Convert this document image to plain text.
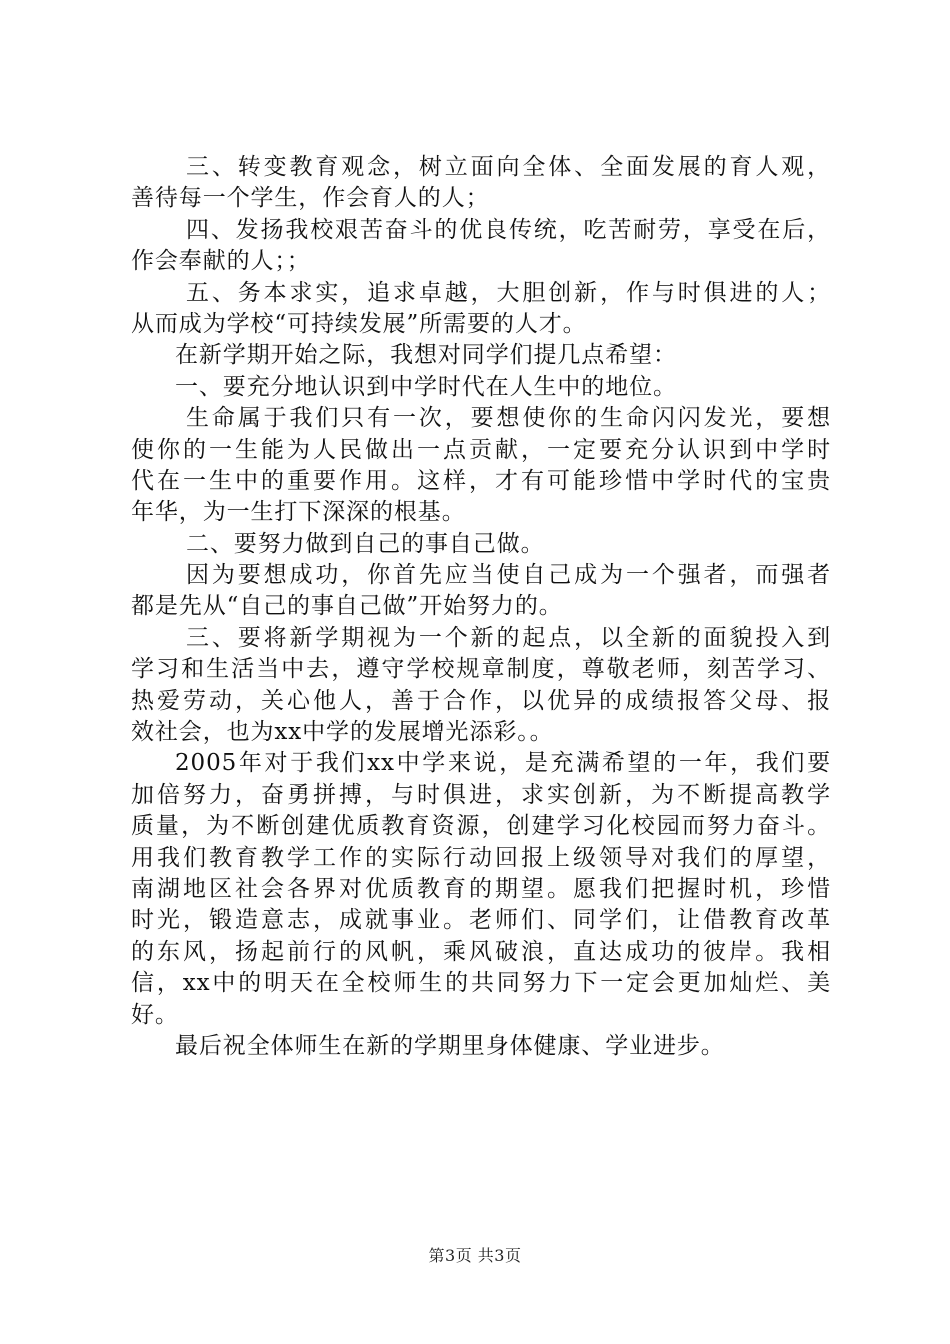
三、转变教育观念，树立面向全体、全面发展的育人观，
善待每一个学生，作会育人的人；
四、发扬我校艰苦奋斗的优良传统，吃苦耐劳，享受在后，
作会奉献的人；；
五、务本求实，追求卓越，大胆创新，作与时俱进的人；
从而成为学校“可持续发展”所需要的人才。
在新学期开始之际，我想对同学们提几点希望：
一、要充分地认识到中学时代在人生中的地位。
生命属于我们只有一次，要想使你的生命闪闪发光，要想
使你的一生能为人民做出一点贡献，一定要充分认识到中学时
代在一生中的重要作用。这样，才有可能珍惜中学时代的宝贵
年华，为一生打下深深的根基。
二、要努力做到自己的事自己做。
因为要想成功，你首先应当使自己成为一个强者，而强者
都是先从“自己的事自己做”开始努力的。
三、要将新学期视为一个新的起点，以全新的面貌投入到
学习和生活当中去，遵守学校规章制度，尊敬老师，刻苦学习、
热爱劳动，关心他人，善于合作，以优异的成绩报答父母、报
效社会，也为xx中学的发展增光添彩。。
2005年对于我们xx中学来说，是充满希望的一年，我们要
加倍努力，奋勇拼搏，与时俱进，求实创新，为不断提高教学
质量，为不断创建优质教育资源，创建学习化校园而努力奋斗。
用我们教育教学工作的实际行动回报上级领导对我们的厚望，
南湖地区社会各界对优质教育的期望。愿我们把握时机，珍惜
时光，锻造意志，成就事业。老师们、同学们，让借教育改革
的东风，扬起前行的风帆，乘风破浪，直达成功的彼岸。我相
信，xx中的明天在全校师生的共同努力下一定会更加灿烂、美
好。
最后祝全体师生在新的学期里身体健康、学业进步。
第3页 共3页
